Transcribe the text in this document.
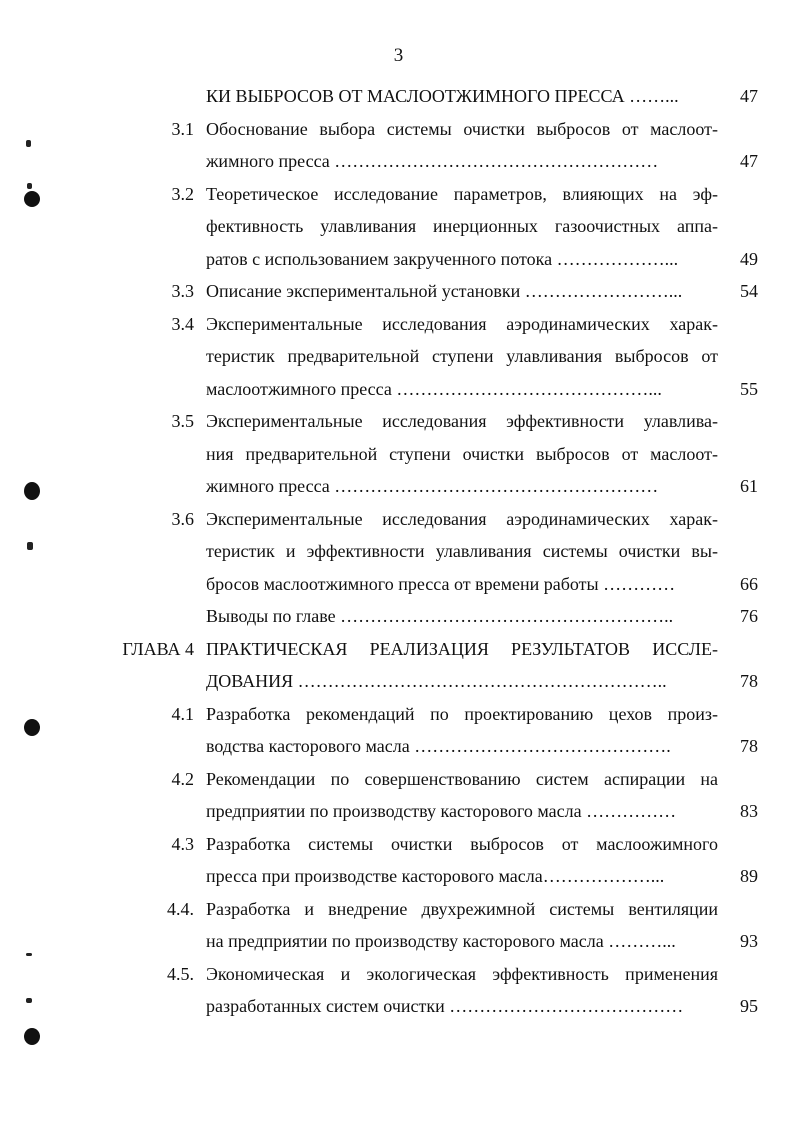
3
КИ ВЫБРОСОВ ОТ МАСЛООТЖИМНОГО ПРЕССА ……...	47
3.1 Обоснование выбора системы очистки выбросов от маслоот-
жимного пресса ………………………………………………	47
3.2 Теоретическое исследование параметров, влияющих на эф-
фективность улавливания инерционных газоочистных аппа-
ратов с использованием закрученного потока ………………...	49
3.3 Описание экспериментальной установки ……………………...	54
3.4 Экспериментальные исследования аэродинамических харак-
теристик предварительной ступени улавливания выбросов от
маслоотжимного пресса ……………………………………...	55
3.5 Экспериментальные исследования эффективности улавлива-
ния предварительной ступени очистки выбросов от маслоот-
жимного пресса ………………………………………………	61
3.6 Экспериментальные исследования аэродинамических харак-
теристик и эффективности улавливания системы очистки вы-
бросов маслоотжимного пресса от времени работы …………	66
Выводы по главе ………………………………………………..	76
ГЛАВА 4 ПРАКТИЧЕСКАЯ РЕАЛИЗАЦИЯ РЕЗУЛЬТАТОВ ИССЛЕ-
ДОВАНИЯ ……………………………………………………..	78
4.1 Разработка рекомендаций по проектированию цехов произ-
водства касторового масла …………………………………….	78
4.2 Рекомендации по совершенствованию систем аспирации на
предприятии по производству касторового масла ……………	83
4.3 Разработка системы очистки выбросов от маслоожимного
пресса при производстве касторового масла………………...	89
4.4. Разработка и внедрение двухрежимной системы вентиляции
на предприятии по производству касторового масла ………...	93
4.5. Экономическая и экологическая эффективность применения
разработанных систем очистки …………………………………	95
